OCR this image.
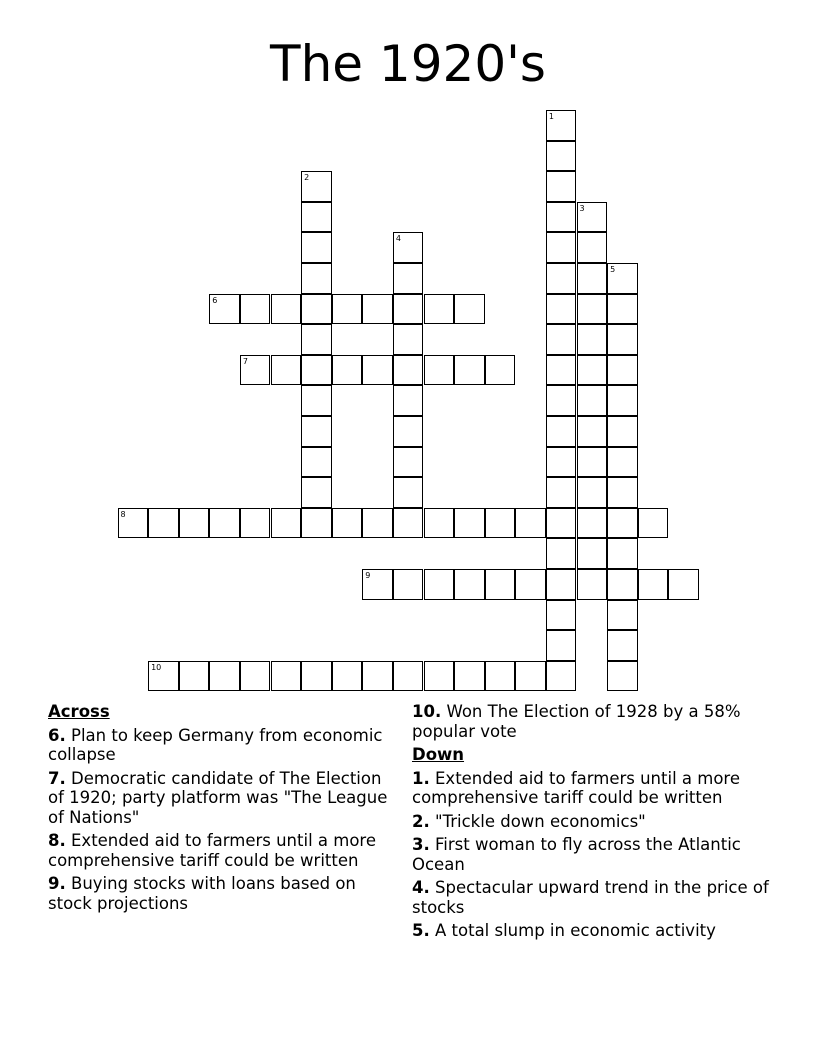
The 1920's
1
2
3
4
5
6
7
8
9
10
Across
6. Plan to keep Germany from economic collapse
7. Democratic candidate of The Election of 1920; party platform was "The League of Nations"
8. Extended aid to farmers until a more comprehensive tariff could be written
9. Buying stocks with loans based on stock projections
10. Won The Election of 1928 by a 58% popular vote
Down
1. Extended aid to farmers until a more comprehensive tariff could be written
2. "Trickle down economics"
3. First woman to fly across the Atlantic Ocean
4. Spectacular upward trend in the price of stocks
5. A total slump in economic activity
